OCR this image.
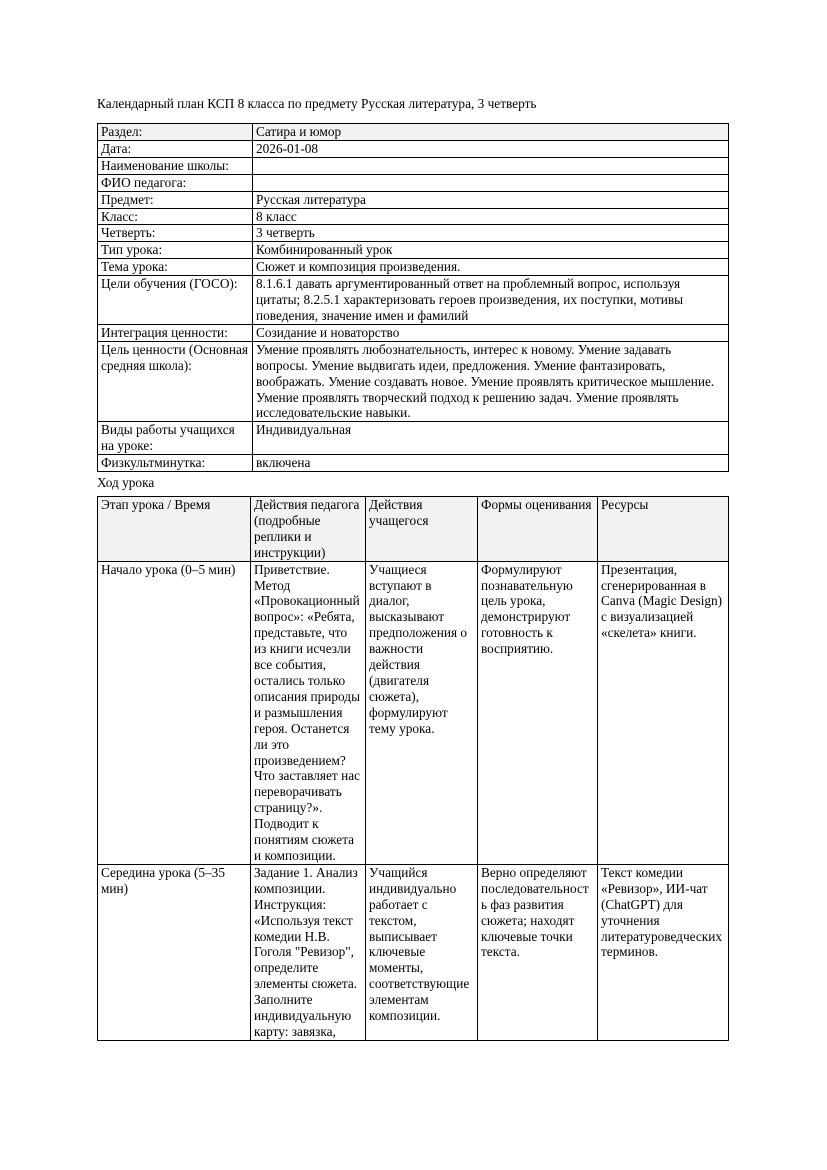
Календарный план КСП 8 класса по предмету Русская литература, 3 четверть

Раздел:	Сатира и юмор
Дата:	2026-01-08
Наименование школы:	
ФИО педагога:	
Предмет:	Русская литература
Класс:	8 класс
Четверть:	3 четверть
Тип урока:	Комбинированный урок
Тема урока:	Сюжет и композиция произведения.
Цели обучения (ГОСО):	8.1.6.1 давать аргументированный ответ на проблемный вопрос, используя цитаты; 8.2.5.1 характеризовать героев произведения, их поступки, мотивы поведения, значение имен и фамилий
Интеграция ценности:	Созидание и новаторство
Цель ценности (Основная средняя школа):	Умение проявлять любознательность, интерес к новому. Умение задавать вопросы. Умение выдвигать идеи, предложения. Умение фантазировать, воображать. Умение создавать новое. Умение проявлять критическое мышление. Умение проявлять творческий подход к решению задач. Умение проявлять исследовательские навыки.
Виды работы учащихся на уроке:	Индивидуальная
Физкультминутка:	включена

Ход урока

Этап урока / Время	Действия педагога (подробные реплики и инструкции)	Действия учащегося	Формы оценивания	Ресурсы
Начало урока (0–5 мин)	Приветствие. Метод «Провокационный вопрос»: «Ребята, представьте, что из книги исчезли все события, остались только описания природы и размышления героя. Останется ли это произведением? Что заставляет нас переворачивать страницу?». Подводит к понятиям сюжета и композиции.	Учащиеся вступают в диалог, высказывают предположения о важности действия (двигателя сюжета), формулируют тему урока.	Формулируют познавательную цель урока, демонстрируют готовность к восприятию.	Презентация, сгенерированная в Canva (Magic Design) с визуализацией «скелета» книги.
Середина урока (5–35 мин)	Задание 1. Анализ композиции. Инструкция: «Используя текст комедии Н.В. Гоголя "Ревизор", определите элементы сюжета. Заполните индивидуальную карту: завязка,	Учащийся индивидуально работает с текстом, выписывает ключевые моменты, соответствующие элементам композиции.	Верно определяют последовательность фаз развития сюжета; находят ключевые точки текста.	Текст комедии «Ревизор», ИИ-чат (ChatGPT) для уточнения литературоведческих терминов.
